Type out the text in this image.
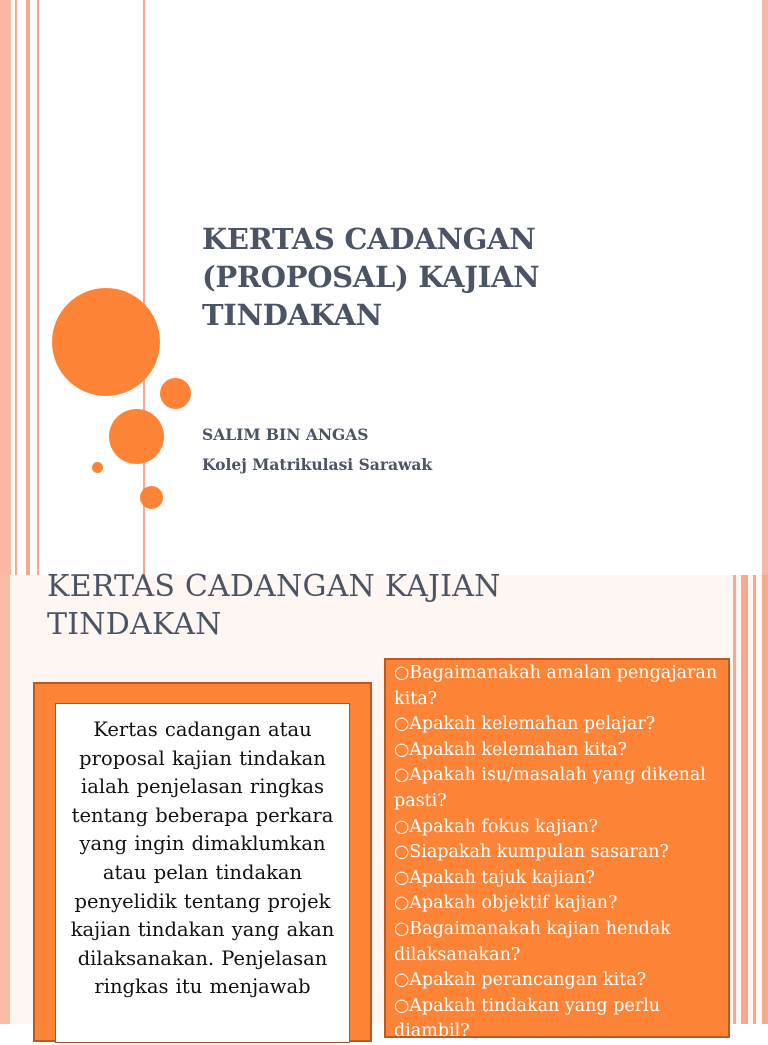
KERTAS CADANGAN
(PROPOSAL) KAJIAN
TINDAKAN

SALIM BIN ANGAS

Kolej Matrikulasi Sarawak

KERTAS CADANGAN KAJIAN
TINDAKAN

Kertas cadangan atau proposal kajian tindakan ialah penjelasan ringkas tentang beberapa perkara yang ingin dimaklumkan atau pelan tindakan penyelidik tentang projek kajian tindakan yang akan dilaksanakan. Penjelasan ringkas itu menjawab

○Bagaimanakah amalan pengajaran kita?
○Apakah kelemahan pelajar?
○Apakah kelemahan kita?
○Apakah isu/masalah yang dikenal pasti?
○Apakah fokus kajian?
○Siapakah kumpulan sasaran?
○Apakah tajuk kajian?
○Apakah objektif kajian?
○Bagaimanakah kajian hendak dilaksanakan?
○Apakah perancangan kita?
○Apakah tindakan yang perlu diambil?
